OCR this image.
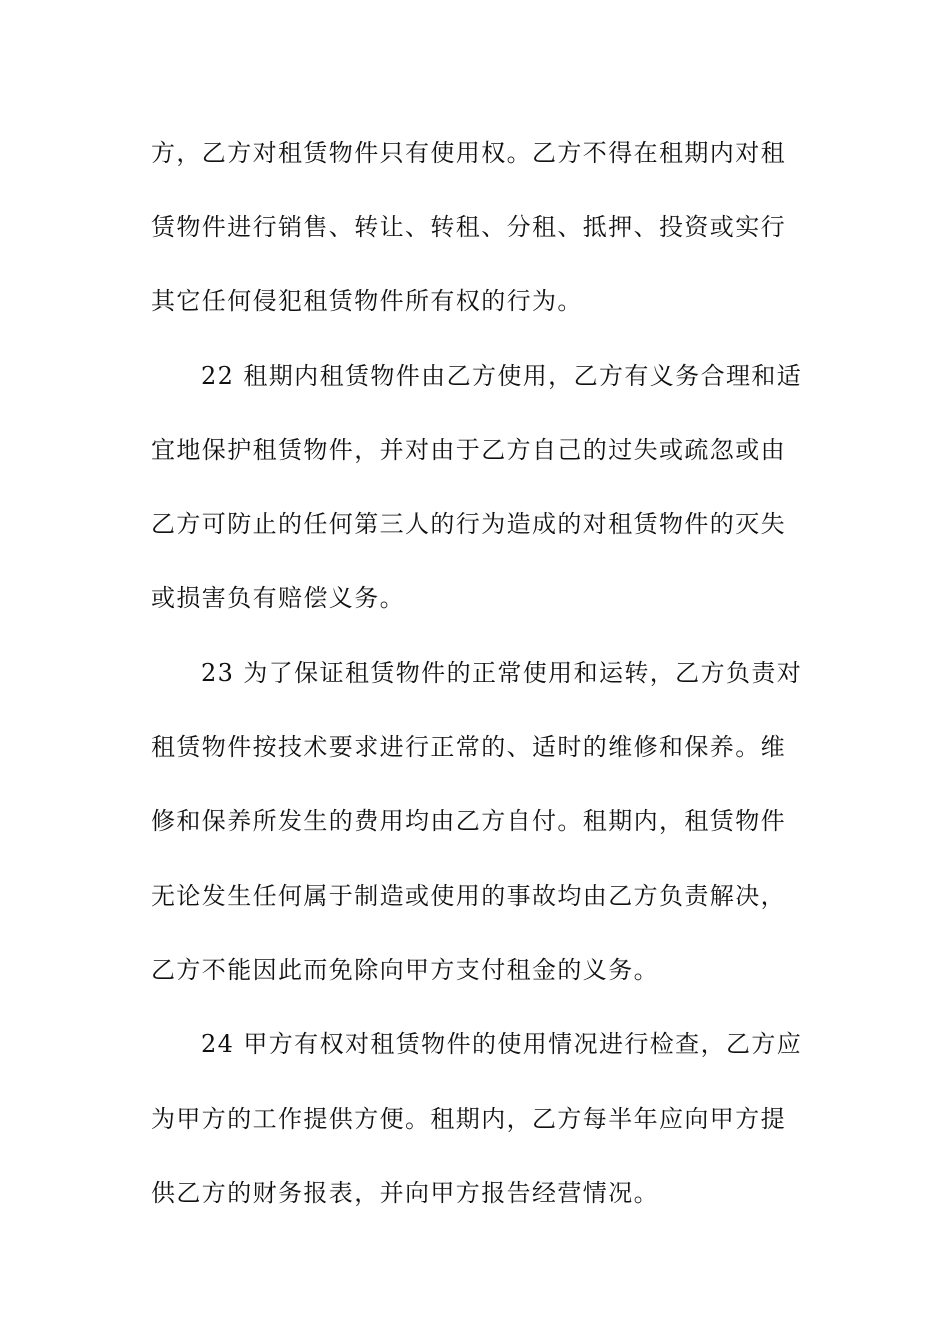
方，乙方对租赁物件只有使用权。乙方不得在租期内对租
赁物件进行销售、转让、转租、分租、抵押、投资或实行
其它任何侵犯租赁物件所有权的行为。
22 租期内租赁物件由乙方使用，乙方有义务合理和适
宜地保护租赁物件，并对由于乙方自己的过失或疏忽或由
乙方可防止的任何第三人的行为造成的对租赁物件的灭失
或损害负有赔偿义务。
23 为了保证租赁物件的正常使用和运转，乙方负责对
租赁物件按技术要求进行正常的、适时的维修和保养。维
修和保养所发生的费用均由乙方自付。租期内，租赁物件
无论发生任何属于制造或使用的事故均由乙方负责解决，
乙方不能因此而免除向甲方支付租金的义务。
24 甲方有权对租赁物件的使用情况进行检查，乙方应
为甲方的工作提供方便。租期内，乙方每半年应向甲方提
供乙方的财务报表，并向甲方报告经营情况。
